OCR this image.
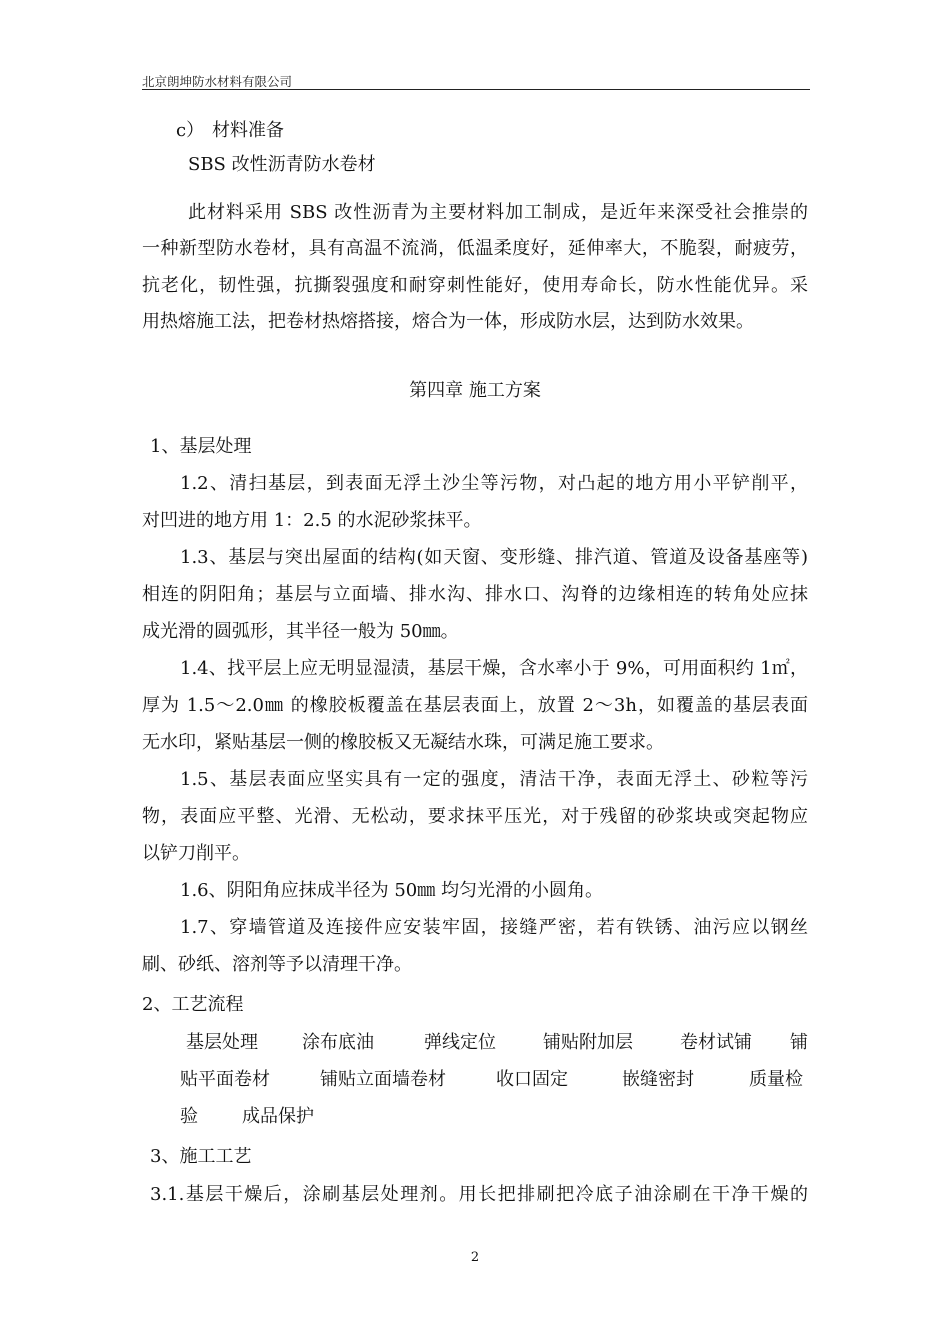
北京朗坤防水材料有限公司
c） 材料准备
SBS 改性沥青防水卷材
此材料采用 SBS 改性沥青为主要材料加工制成，是近年来深受社会推崇的
一种新型防水卷材，具有高温不流淌，低温柔度好，延伸率大，不脆裂，耐疲劳，
抗老化，韧性强，抗撕裂强度和耐穿刺性能好，使用寿命长，防水性能优异。采
用热熔施工法，把卷材热熔搭接，熔合为一体，形成防水层，达到防水效果。
第四章 施工方案
1、基层处理
1.2、清扫基层，到表面无浮土沙尘等污物，对凸起的地方用小平铲削平，
对凹进的地方用 1：2.5 的水泥砂浆抹平。
1.3、基层与突出屋面的结构(如天窗、变形缝、排汽道、管道及设备基座等)
相连的阴阳角；基层与立面墙、排水沟、排水口、沟脊的边缘相连的转角处应抹
成光滑的圆弧形，其半径一般为 50㎜。
1.4、找平层上应无明显湿渍，基层干燥，含水率小于 9%，可用面积约 1㎡，
厚为 1.5～2.0㎜ 的橡胶板覆盖在基层表面上，放置 2～3h，如覆盖的基层表面
无水印，紧贴基层一侧的橡胶板又无凝结水珠，可满足施工要求。
1.5、基层表面应坚实具有一定的强度，清洁干净，表面无浮土、砂粒等污
物，表面应平整、光滑、无松动，要求抹平压光，对于残留的砂浆块或突起物应
以铲刀削平。
1.6、阴阳角应抹成半径为 50㎜ 均匀光滑的小圆角。
1.7、穿墙管道及连接件应安装牢固，接缝严密，若有铁锈、油污应以钢丝
刷、砂纸、溶剂等予以清理干净。
2、工艺流程
基层处理 涂布底油	弹线定位	铺贴附加层	卷材试铺 铺
贴平面卷材	铺贴立面墙卷材	收口固定	嵌缝密封	质量检
验 成品保护
3、施工工艺
3.1.基层干燥后，涂刷基层处理剂。用长把排刷把冷底子油涂刷在干净干燥的
2
